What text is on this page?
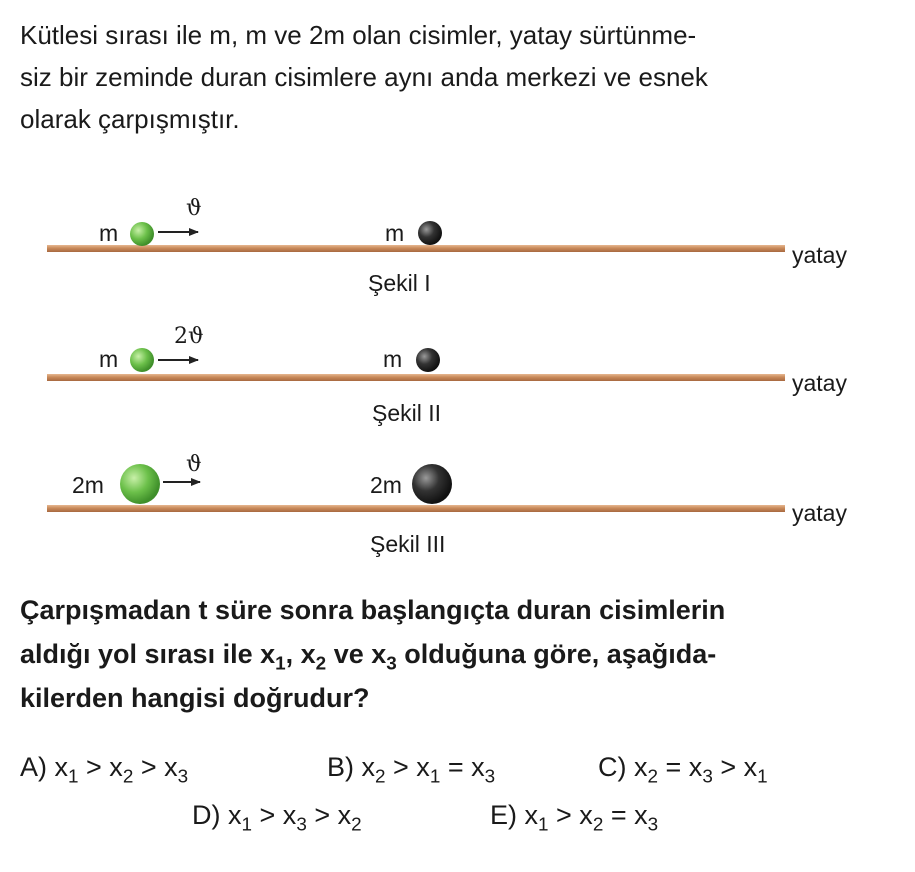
Kütlesi sırası ile m, m ve 2m olan cisimler, yatay sürtünme-
siz bir zeminde duran cisimlere aynı anda merkezi ve esnek
olarak çarpışmıştır.

m
ϑ
m
yatay
Şekil I
m
2ϑ
m
yatay
Şekil II
2m
ϑ
2m
yatay
Şekil III

Çarpışmadan t süre sonra başlangıçta duran cisimlerin
aldığı yol sırası ile $x_1$, $x_2$ ve $x_3$ olduğuna göre, aşağıda-
kilerden hangisi doğrudur?

A) $x_1 > x_2 > x_3$	B) $x_2 > x_1 = x_3$	C) $x_2 = x_3 > x_1$
D) $x_1 > x_3 > x_2$	E) $x_1 > x_2 = x_3$
